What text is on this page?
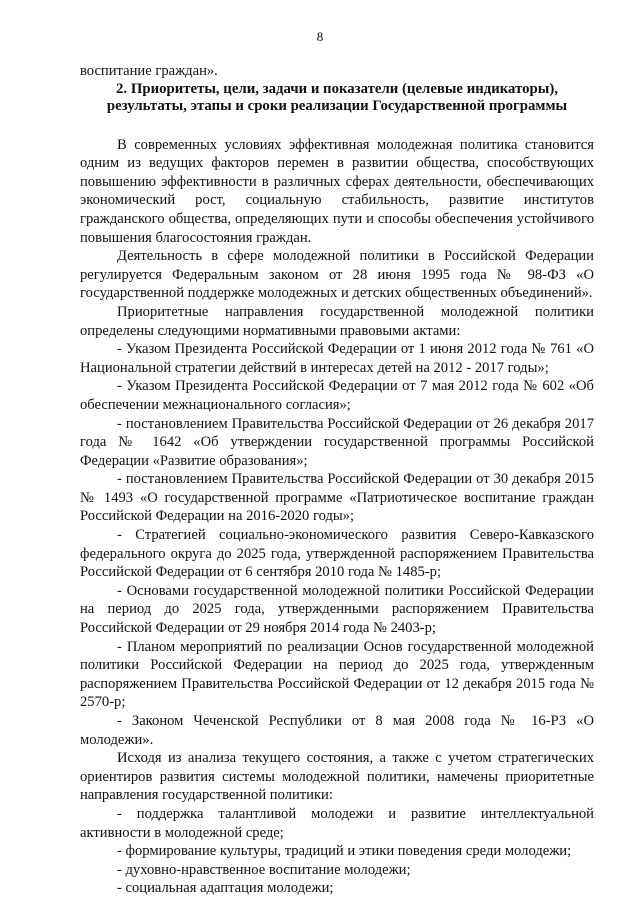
8

воспитание граждан».

2. Приоритеты, цели, задачи и показатели (целевые индикаторы),
результаты, этапы и сроки реализации Государственной программы

В современных условиях эффективная молодежная политика становится одним из ведущих факторов перемен в развитии общества, способствующих повышению эффективности в различных сферах деятельности, обеспечивающих экономический рост, социальную стабильность, развитие институтов гражданского общества, определяющих пути и способы обеспечения устойчивого повышения благосостояния граждан.

Деятельность в сфере молодежной политики в Российской Федерации регулируется Федеральным законом от 28 июня 1995 года № 98-ФЗ «О государственной поддержке молодежных и детских общественных объединений».

Приоритетные направления государственной молодежной политики определены следующими нормативными правовыми актами:

- Указом Президента Российской Федерации от 1 июня 2012 года № 761 «О Национальной стратегии действий в интересах детей на 2012 - 2017 годы»;

- Указом Президента Российской Федерации от 7 мая 2012 года № 602 «Об обеспечении межнационального согласия»;

- постановлением Правительства Российской Федерации от 26 декабря 2017 года № 1642 «Об утверждении государственной программы Российской Федерации «Развитие образования»;

- постановлением Правительства Российской Федерации от 30 декабря 2015 № 1493 «О государственной программе «Патриотическое воспитание граждан Российской Федерации на 2016-2020 годы»;

- Стратегией социально-экономического развития Северо-Кавказского федерального округа до 2025 года, утвержденной распоряжением Правительства Российской Федерации от 6 сентября 2010 года № 1485-р;

- Основами государственной молодежной политики Российской Федерации на период до 2025 года, утвержденными распоряжением Правительства Российской Федерации от 29 ноября 2014 года № 2403-р;

- Планом мероприятий по реализации Основ государственной молодежной политики Российской Федерации на период до 2025 года, утвержденным распоряжением Правительства Российской Федерации от 12 декабря 2015 года № 2570-р;

- Законом Чеченской Республики от 8 мая 2008 года № 16-РЗ «О молодежи».

Исходя из анализа текущего состояния, а также с учетом стратегических ориентиров развития системы молодежной политики, намечены приоритетные направления государственной политики:

- поддержка талантливой молодежи и развитие интеллектуальной активности в молодежной среде;

- формирование культуры, традиций и этики поведения среди молодежи;

- духовно-нравственное воспитание молодежи;

- социальная адаптация молодежи;
